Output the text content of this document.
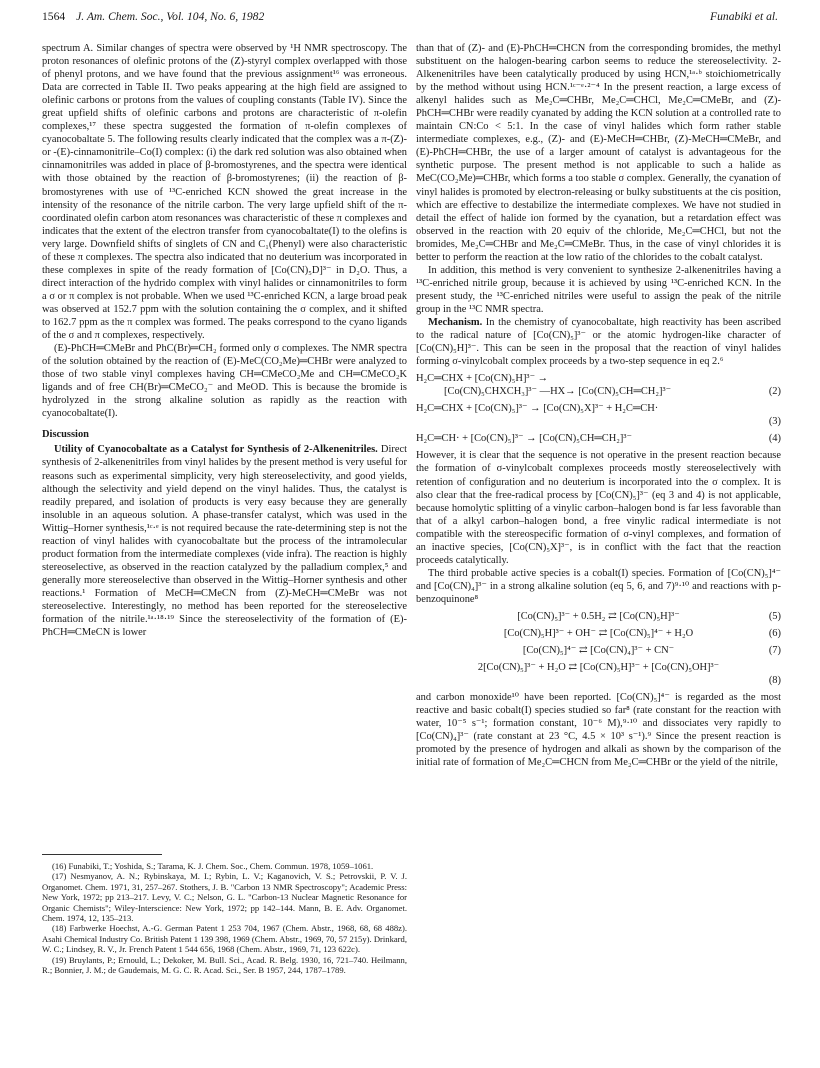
1564 J. Am. Chem. Soc., Vol. 104, No. 6, 1982	Funabiki et al.

spectrum A. Similar changes of spectra were observed by ¹H NMR spectroscopy. The proton resonances of olefinic protons of the (Z)-styryl complex overlapped with those of phenyl protons, and we have found that the previous assignment¹⁶ was erroneous. Data are corrected in Table II. Two peaks appearing at the high field are assigned to olefinic carbons or protons from the values of coupling constants (Table IV). Since the great upfield shifts of olefinic carbons and protons are characteristic of π-olefin complexes,¹⁷ these spectra suggested the formation of π-olefin complexes of cyanocobaltate 5. The following results clearly indicated that the complex was a π-(Z)- or -(E)-cinnamonitrile–Co(I) complex: (i) the dark red solution was also obtained when cinnamonitriles was added in place of β-bromostyrenes, and the spectra were identical with those obtained by the reaction of β-bromostyrenes; (ii) the reaction of β-bromostyrenes with use of ¹³C-enriched KCN showed the great increase in the intensity of the resonance of the nitrile carbon. The very large upfield shift of the π-coordinated olefin carbon atom resonances was characteristic of these π complexes and indicates that the extent of the electron transfer from cyanocobaltate(I) to the olefins is very large. Downfield shifts of singlets of CN and C₁(Phenyl) were also characteristic of these π complexes. The spectra also indicated that no deuterium was incorporated in these complexes in spite of the ready formation of [Co(CN)₅D]³⁻ in D₂O. Thus, a direct interaction of the hydrido complex with vinyl halides or cinnamonitriles to form a σ or π complex is not probable. When we used ¹³C-enriched KCN, a large broad peak was observed at 152.7 ppm with the solution containing the σ complex, and it shifted to 162.7 ppm as the π complex was formed. The peaks correspond to the cyano ligands of the σ and π complexes, respectively.

(E)-PhCH═CMeBr and PhC(Br)═CH₂ formed only σ complexes. The NMR spectra of the solution obtained by the reaction of (E)-MeC(CO₂Me)═CHBr were analyzed to those of two stable vinyl complexes having CH═CMeCO₂Me and CH═CMeCO₂K ligands and of free CH(Br)═CMeCO₂⁻ and MeOD. This is because the bromide is hydrolyzed in the strong alkaline solution as rapidly as the reaction with cyanocobaltate(I).

Discussion

Utility of Cyanocobaltate as a Catalyst for Synthesis of 2-Alkenenitriles. Direct synthesis of 2-alkenenitriles from vinyl halides by the present method is very useful for reasons such as experimental simplicity, very high stereoselectivity, and good yields, although the selectivity and yield depend on the vinyl halides. Thus, the catalyst is readily prepared, and isolation of products is very easy because they are generally insoluble in an aqueous solution. A phase-transfer catalyst, which was used in the Wittig–Horner synthesis,¹ᶜ·ᵉ is not required because the rate-determining step is not the reaction of vinyl halides with cyanocobaltate but the process of the intramolecular product formation from the intermediate complexes (vide infra). The reaction is highly stereoselective, as observed in the reaction catalyzed by the palladium complex,⁵ and generally more stereoselective than observed in the Wittig–Horner synthesis and other reactions.¹ Formation of MeCH═CMeCN from (Z)-MeCH═CMeBr was not stereoselective. Interestingly, no method has been reported for the stereoselective formation of the nitrile.¹ᵃ·¹⁸·¹⁹ Since the stereoselectivity of the formation of (E)-PhCH═CMeCN is lower

(16) Funabiki, T.; Yoshida, S.; Tarama, K. J. Chem. Soc., Chem. Commun. 1978, 1059–1061.

(17) Nesmyanov, A. N.; Rybinskaya, M. I.; Rybin, L. V.; Kaganovich, V. S.; Petrovskii, P. V. J. Organomet. Chem. 1971, 31, 257–267. Stothers, J. B. "Carbon 13 NMR Spectroscopy"; Academic Press: New York, 1972; pp 213–217. Levy, V. C.; Nelson, G. L. "Carbon-13 Nuclear Magnetic Resonance for Organic Chemists"; Wiley-Interscience: New York, 1972; pp 142–144. Mann, B. E. Adv. Organomet. Chem. 1974, 12, 135–213.

(18) Farbwerke Hoechst, A.-G. German Patent 1 253 704, 1967 (Chem. Abstr., 1968, 68, 68 488z). Asahi Chemical Industry Co. British Patent 1 139 398, 1969 (Chem. Abstr., 1969, 70, 57 215y). Drinkard, W. C.; Lindsey, R. V., Jr. French Patent 1 544 656, 1968 (Chem. Abstr., 1969, 71, 123 622c).

(19) Bruylants, P.; Ernould, L.; Dekoker, M. Bull. Sci., Acad. R. Belg. 1930, 16, 721–740. Heilmann, R.; Bonnier, J. M.; de Gaudemais, M. G. C. R. Acad. Sci., Ser. B 1957, 244, 1787–1789.

than that of (Z)- and (E)-PhCH═CHCN from the corresponding bromides, the methyl substituent on the halogen-bearing carbon seems to reduce the stereoselectivity. 2-Alkenenitriles have been catalytically produced by using HCN,¹ᵃ·ᵇ stoichiometrically by the method without using HCN.¹ᶜ⁻ᵉ·²⁻⁴ In the present reaction, a large excess of alkenyl halides such as Me₂C═CHBr, Me₂C═CHCl, Me₂C═CMeBr, and (Z)-PhCH═CHBr were readily cyanated by adding the KCN solution at a controlled rate to maintain CN:Co < 5:1. In the case of vinyl halides which form rather stable intermediate complexes, e.g., (Z)- and (E)-MeCH═CHBr, (Z)-MeCH═CMeBr, and (E)-PhCH═CHBr, the use of a larger amount of catalyst is advantageous for the synthetic purpose. The present method is not applicable to such a halide as MeC(CO₂Me)═CHBr, which forms a too stable σ complex. Generally, the cyanation of vinyl halides is promoted by electron-releasing or bulky substituents at the cis position, which are effective to destabilize the intermediate complexes. We have not studied in detail the effect of halide ion formed by the cyanation, but a retardation effect was observed in the reaction with 20 equiv of the chloride, Me₂C═CHCl, but not the bromides, Me₂C═CHBr and Me₂C═CMeBr. Thus, in the case of vinyl chlorides it is better to perform the reaction at the low ratio of the chlorides to the cobalt catalyst.

In addition, this method is very convenient to synthesize 2-alkenenitriles having a ¹³C-enriched nitrile group, because it is achieved by using ¹³C-enriched KCN. In the present study, the ¹³C-enriched nitriles were useful to assign the peak of the nitrile group in the ¹³C NMR spectra.

Mechanism. In the chemistry of cyanocobaltate, high reactivity has been ascribed to the radical nature of [Co(CN)₅]³⁻ or the atomic hydrogen-like character of [Co(CN)₅H]³⁻. This can be seen in the proposal that the reaction of vinyl halides forming σ-vinylcobalt complex proceeds by a two-step sequence in eq 2.⁶

H₂C═CHX + [Co(CN)₅H]³⁻ →
[Co(CN)₅CHXCH₃]³⁻ —HX→ [Co(CN)₅CH═CH₂]³⁻	(2)
H₂C═CHX + [Co(CN)₅]³⁻ → [Co(CN)₅X]³⁻ + H₂C═CH·
(3)
H₂C═CH· + [Co(CN)₅]³⁻ → [Co(CN)₅CH═CH₂]³⁻	(4)

However, it is clear that the sequence is not operative in the present reaction because the formation of σ-vinylcobalt complexes proceeds mostly stereoselectively with retention of configuration and no deuterium is incorporated into the σ complex. It is also clear that the free-radical process by [Co(CN)₅]³⁻ (eq 3 and 4) is not applicable, because homolytic splitting of a vinylic carbon–halogen bond is far less favorable than that of a alkyl carbon–halogen bond, a free vinylic radical intermediate is not compatible with the stereospecific formation of σ-vinyl complexes, and formation of an inactive species, [Co(CN)₅X]³⁻, is in conflict with the fact that the reaction proceeds catalytically.

The third probable active species is a cobalt(I) species. Formation of [Co(CN)₅]⁴⁻ and [Co(CN)₄]³⁻ in a strong alkaline solution (eq 5, 6, and 7)⁹·¹⁰ and reactions with p-benzoquinone⁸

[Co(CN)₅]³⁻ + 0.5H₂ ⇄ [Co(CN)₅H]³⁻	(5)
[Co(CN)₅H]³⁻ + OH⁻ ⇄ [Co(CN)₅]⁴⁻ + H₂O	(6)
[Co(CN)₅]⁴⁻ ⇄ [Co(CN)₄]³⁻ + CN⁻	(7)
2[Co(CN)₅]³⁻ + H₂O ⇄ [Co(CN)₅H]³⁻ + [Co(CN)₅OH]³⁻
(8)

and carbon monoxide¹⁰ have been reported. [Co(CN)₅]⁴⁻ is regarded as the most reactive and basic cobalt(I) species studied so far⁸ (rate constant for the reaction with water, 10⁻⁵ s⁻¹; formation constant, 10⁻⁶ M),⁹·¹⁰ and dissociates very rapidly to [Co(CN)₄]³⁻ (rate constant at 23 °C, 4.5 × 10³ s⁻¹).⁹ Since the present reaction is promoted by the presence of hydrogen and alkali as shown by the comparison of the initial rate of formation of Me₂C═CHCN from Me₂C═CHBr or the yield of the nitrile,
